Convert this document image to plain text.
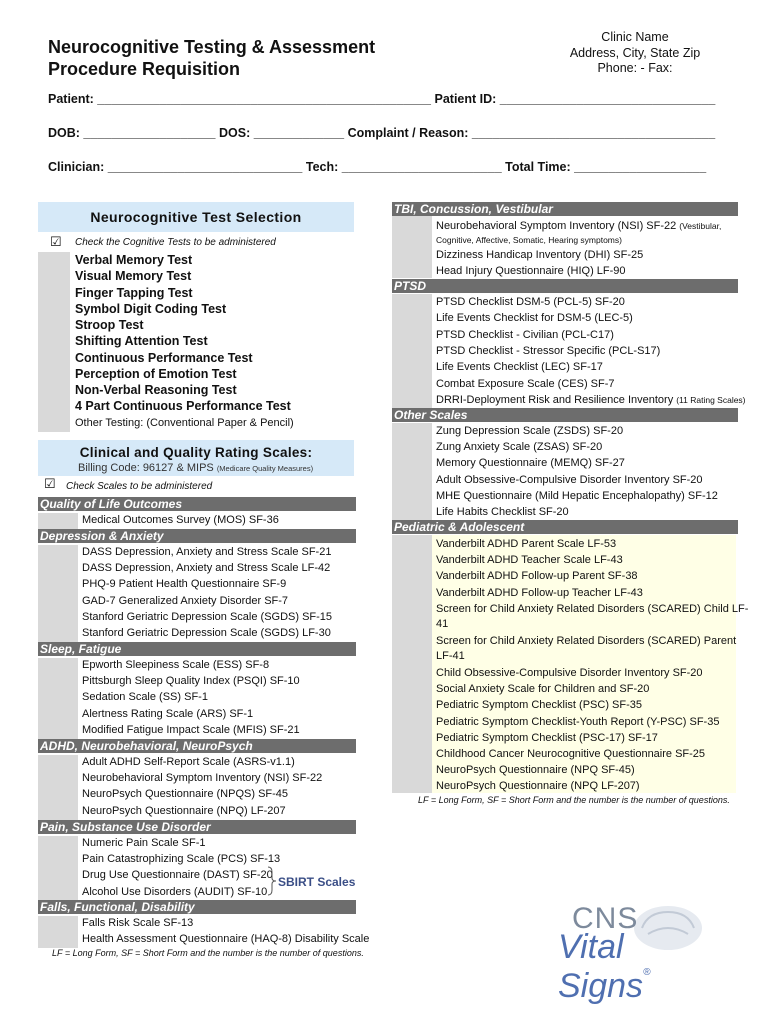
Neurocognitive Testing & Assessment
Procedure Requisition
Clinic Name
Address, City, State Zip
Phone: - Fax:
Patient: ________________________________________________ Patient ID: _______________________________
DOB: ___________________ DOS: _____________ Complaint / Reason: ___________________________________
Clinician: ____________________________ Tech: _______________________ Total Time: ___________________
Neurocognitive Test Selection
☑ Check the Cognitive Tests to be administered
Verbal Memory Test
Visual Memory Test
Finger Tapping Test
Symbol Digit Coding Test
Stroop Test
Shifting Attention Test
Continuous Performance Test
Perception of Emotion Test
Non-Verbal Reasoning Test
4 Part Continuous Performance Test
Other Testing: (Conventional Paper & Pencil)
Clinical and Quality Rating Scales:
Billing Code: 96127 & MIPS (Medicare Quality Measures)
☑ Check Scales to be administered
Quality of Life Outcomes
Medical Outcomes Survey (MOS) SF-36
Depression & Anxiety
DASS Depression, Anxiety and Stress Scale SF-21
DASS Depression, Anxiety and Stress Scale LF-42
PHQ-9 Patient Health Questionnaire SF-9
GAD-7 Generalized Anxiety Disorder SF-7
Stanford Geriatric Depression Scale (SGDS) SF-15
Stanford Geriatric Depression Scale (SGDS) LF-30
Sleep, Fatigue
Epworth Sleepiness Scale (ESS) SF-8
Pittsburgh Sleep Quality Index (PSQI) SF-10
Sedation Scale (SS) SF-1
Alertness Rating Scale (ARS) SF-1
Modified Fatigue Impact Scale (MFIS) SF-21
ADHD, Neurobehavioral, NeuroPsych
Adult ADHD Self-Report Scale (ASRS-v1.1)
Neurobehavioral Symptom Inventory (NSI) SF-22
NeuroPsych Questionnaire (NPQS) SF-45
NeuroPsych Questionnaire (NPQ) LF-207
Pain, Substance Use Disorder
Numeric Pain Scale SF-1
Pain Catastrophizing Scale (PCS) SF-13
Drug Use Questionnaire (DAST) SF-20
Alcohol Use Disorders (AUDIT) SF-10
Falls, Functional, Disability
Falls Risk Scale SF-13
Health Assessment Questionnaire (HAQ-8) Disability Scale
SBIRT Scales
LF = Long Form, SF = Short Form and the number is the number of questions.
TBI, Concussion, Vestibular
Neurobehavioral Symptom Inventory (NSI) SF-22 (Vestibular,
Cognitive, Affective, Somatic, Hearing symptoms)
Dizziness Handicap Inventory (DHI) SF-25
Head Injury Questionnaire (HIQ) LF-90
PTSD
PTSD Checklist DSM-5 (PCL-5) SF-20
Life Events Checklist for DSM-5 (LEC-5)
PTSD Checklist - Civilian (PCL-C17)
PTSD Checklist - Stressor Specific (PCL-S17)
Life Events Checklist (LEC) SF-17
Combat Exposure Scale (CES) SF-7
DRRI-Deployment Risk and Resilience Inventory (11 Rating Scales)
Other Scales
Zung Depression Scale (ZSDS) SF-20
Zung Anxiety Scale (ZSAS) SF-20
Memory Questionnaire (MEMQ) SF-27
Adult Obsessive-Compulsive Disorder Inventory SF-20
MHE Questionnaire (Mild Hepatic Encephalopathy) SF-12
Life Habits Checklist SF-20
Pediatric & Adolescent
Vanderbilt ADHD Parent Scale LF-53
Vanderbilt ADHD Teacher Scale LF-43
Vanderbilt ADHD Follow-up Parent SF-38
Vanderbilt ADHD Follow-up Teacher LF-43
Screen for Child Anxiety Related Disorders (SCARED) Child LF-
41
Screen for Child Anxiety Related Disorders (SCARED) Parent
LF-41
Child Obsessive-Compulsive Disorder Inventory SF-20
Social Anxiety Scale for Children and SF-20
Pediatric Symptom Checklist (PSC) SF-35
Pediatric Symptom Checklist-Youth Report (Y-PSC) SF-35
Pediatric Symptom Checklist (PSC-17) SF-17
Childhood Cancer Neurocognitive Questionnaire SF-25
NeuroPsych Questionnaire (NPQ SF-45)
NeuroPsych Questionnaire (NPQ LF-207)
LF = Long Form, SF = Short Form and the number is the number of questions.
CNS
Vital Signs®
